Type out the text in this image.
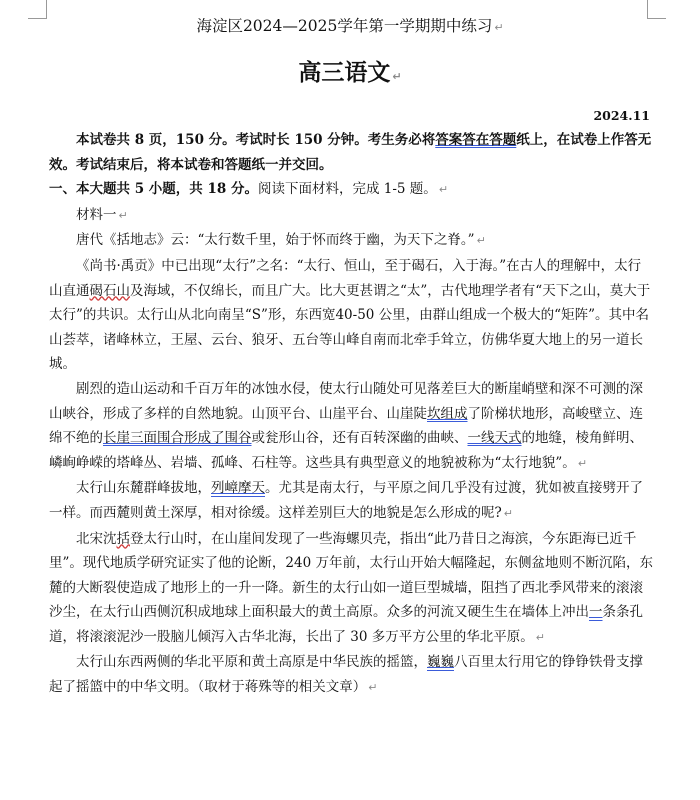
海淀区2024—2025学年第一学期期中练习 ↵
高三语文 ↵
2024.11

本试卷共 8 页，150 分。考试时长 150 分钟。考生务必将答案答在答题纸上，在试卷上作答无效。考试结束后，将本试卷和答题纸一并交回。

一、本大题共 5 小题，共 18 分。阅读下面材料，完成 1-5 题。 ↵

材料一 ↵

唐代《括地志》云：“太行数千里，始于怀而终于幽，为天下之脊。” ↵

《尚书·禹贡》中已出现“太行”之名：“太行、恒山，至于碣石，入于海。”在古人的理解中，太行山直通碣石山及海域，不仅绵长，而且广大。比大更甚谓之“太”，古代地理学者有“天下之山，莫大于太行”的共识。太行山从北向南呈“S”形，东西宽40-50 公里，由群山组成一个极大的“矩阵”。其中名山荟萃，诸峰林立，王屋、云台、狼牙、五台等山峰自南而北牵手耸立，仿佛华夏大地上的另一道长城。

剧烈的造山运动和千百万年的冰蚀水侵，使太行山随处可见落差巨大的断崖峭壁和深不可测的深山峡谷，形成了多样的自然地貌。山顶平台、山崖平台、山崖陡坎组成了阶梯状地形，高峻壁立、连绵不绝的长崖三面围合形成了围谷或瓮形山谷，还有百转深幽的曲峡、一线天式的地缝，棱角鲜明、嶙峋峥嵘的塔峰丛、岩墙、孤峰、石柱等。这些具有典型意义的地貌被称为“太行地貌”。 ↵

太行山东麓群峰拔地，列嶂摩天。尤其是南太行，与平原之间几乎没有过渡，犹如被直接劈开了一样。而西麓则黄土深厚，相对徐缓。这样差别巨大的地貌是怎么形成的呢? ↵

北宋沈括登太行山时，在山崖间发现了一些海螺贝壳，指出“此乃昔日之海滨，今东距海已近千里”。现代地质学研究证实了他的论断，240 万年前，太行山开始大幅隆起，东侧盆地则不断沉陷，东麓的大断裂使造成了地形上的一升一降。新生的太行山如一道巨型城墙，阻挡了西北季风带来的滚滚沙尘，在太行山西侧沉积成地球上面积最大的黄土高原。众多的河流又硬生生在墙体上冲出一条条孔道，将滚滚泥沙一股脑儿倾泻入古华北海，长出了 30 多万平方公里的华北平原。 ↵

太行山东西两侧的华北平原和黄土高原是中华民族的摇篮，巍巍八百里太行用它的铮铮铁骨支撑起了摇篮中的中华文明。（取材于蒋殊等的相关文章） ↵
